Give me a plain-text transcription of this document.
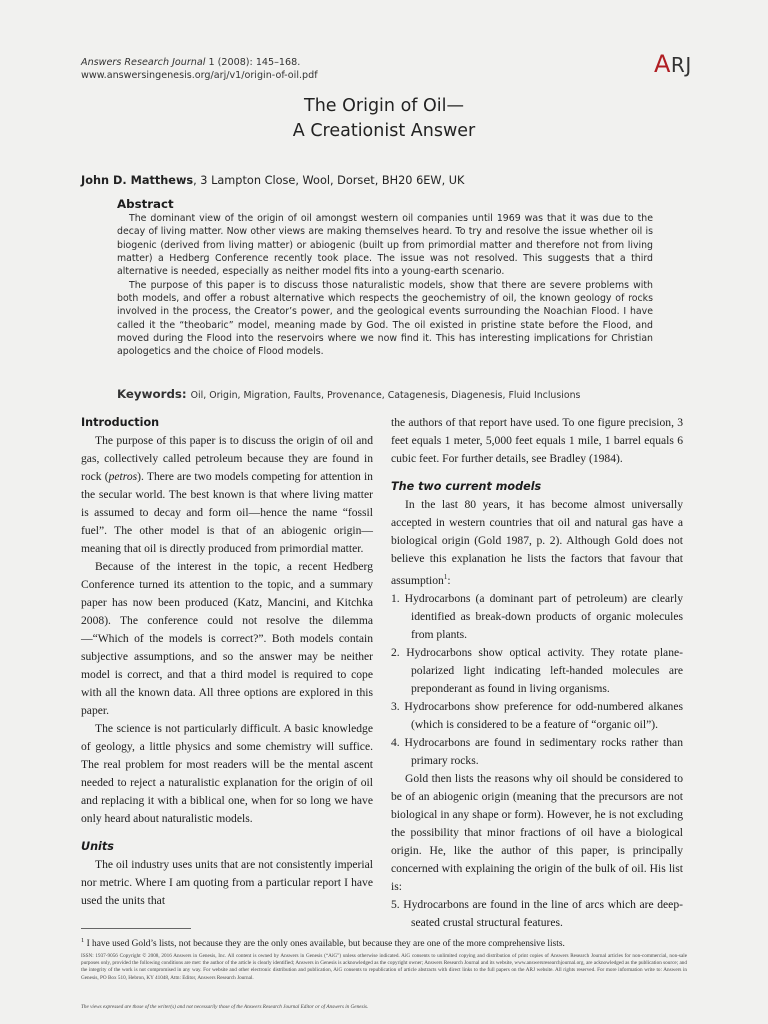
Answers Research Journal 1 (2008): 145–168.
www.answersingenesis.org/arj/v1/origin-of-oil.pdf	ARJ
The Origin of Oil—
A Creationist Answer
John D. Matthews, 3 Lampton Close, Wool, Dorset, BH20 6EW, UK
Abstract

The dominant view of the origin of oil amongst western oil companies until 1969 was that it was due to the decay of living matter. Now other views are making themselves heard. To try and resolve the issue whether oil is biogenic (derived from living matter) or abiogenic (built up from primordial matter and therefore not from living matter) a Hedberg Conference recently took place. The issue was not resolved. This suggests that a third alternative is needed, especially as neither model fits into a young-earth scenario.

The purpose of this paper is to discuss those naturalistic models, show that there are severe problems with both models, and offer a robust alternative which respects the geochemistry of oil, the known geology of rocks involved in the process, the Creator’s power, and the geological events surrounding the Noachian Flood. I have called it the “theobaric” model, meaning made by God. The oil existed in pristine state before the Flood, and moved during the Flood into the reservoirs where we now find it. This has interesting implications for Christian apologetics and the choice of Flood models.

Keywords: Oil, Origin, Migration, Faults, Provenance, Catagenesis, Diagenesis, Fluid Inclusions
Introduction

The purpose of this paper is to discuss the origin of oil and gas, collectively called petroleum because they are found in rock (petros). There are two models competing for attention in the secular world. The best known is that where living matter is assumed to decay and form oil—hence the name “fossil fuel”. The other model is that of an abiogenic origin—meaning that oil is directly produced from primordial matter.

Because of the interest in the topic, a recent Hedberg Conference turned its attention to the topic, and a summary paper has now been produced (Katz, Mancini, and Kitchka 2008). The conference could not resolve the dilemma—“Which of the models is correct?”. Both models contain subjective assumptions, and so the answer may be neither model is correct, and that a third model is required to cope with all the known data. All three options are explored in this paper.

The science is not particularly difficult. A basic knowledge of geology, a little physics and some chemistry will suffice. The real problem for most readers will be the mental ascent needed to reject a naturalistic explanation for the origin of oil and replacing it with a biblical one, when for so long we have only heard about naturalistic models.

Units

The oil industry uses units that are not consistently imperial nor metric. Where I am quoting from a particular report I have used the units that

the authors of that report have used. To one figure precision, 3 feet equals 1 meter, 5,000 feet equals 1 mile, 1 barrel equals 6 cubic feet. For further details, see Bradley (1984).

The two current models

In the last 80 years, it has become almost universally accepted in western countries that oil and natural gas have a biological origin (Gold 1987, p. 2). Although Gold does not believe this explanation he lists the factors that favour that assumption$^1$:

1. Hydrocarbons (a dominant part of petroleum) are clearly identified as break-down products of organic molecules from plants.
2. Hydrocarbons show optical activity. They rotate plane-polarized light indicating left-handed molecules are preponderant as found in living organisms.
3. Hydrocarbons show preference for odd-numbered alkanes (which is considered to be a feature of “organic oil”).
4. Hydrocarbons are found in sedimentary rocks rather than primary rocks.

Gold then lists the reasons why oil should be considered to be of an abiogenic origin (meaning that the precursors are not biological in any shape or form). However, he is not excluding the possibility that minor fractions of oil have a biological origin. He, like the author of this paper, is principally concerned with explaining the origin of the bulk of oil. His list is:

5. Hydrocarbons are found in the line of arcs which are deep-seated crustal structural features.
$^1$ I have used Gold’s lists, not because they are the only ones available, but because they are one of the more comprehensive lists.
ISSN: 1937-9056 Copyright © 2008, 2016 Answers in Genesis, Inc. All content is owned by Answers in Genesis (“AiG”) unless otherwise indicated. AiG consents to unlimited copying and distribution of print copies of Answers Research Journal articles for non-commercial, non-sale purposes only, provided the following conditions are met: the author of the article is clearly identified; Answers in Genesis is acknowledged as the copyright owner; Answers Research Journal and its website, www.answersresearchjournal.org, are acknowledged as the publication source; and the integrity of the work is not compromised in any way. For website and other electronic distribution and publication, AiG consents to republication of article abstracts with direct links to the full papers on the ARJ website. All rights reserved. For more information write to: Answers in Genesis, PO Box 510, Hebron, KY 41048, Attn: Editor, Answers Research Journal.
The views expressed are those of the writer(s) and not necessarily those of the Answers Research Journal Editor or of Answers in Genesis.
